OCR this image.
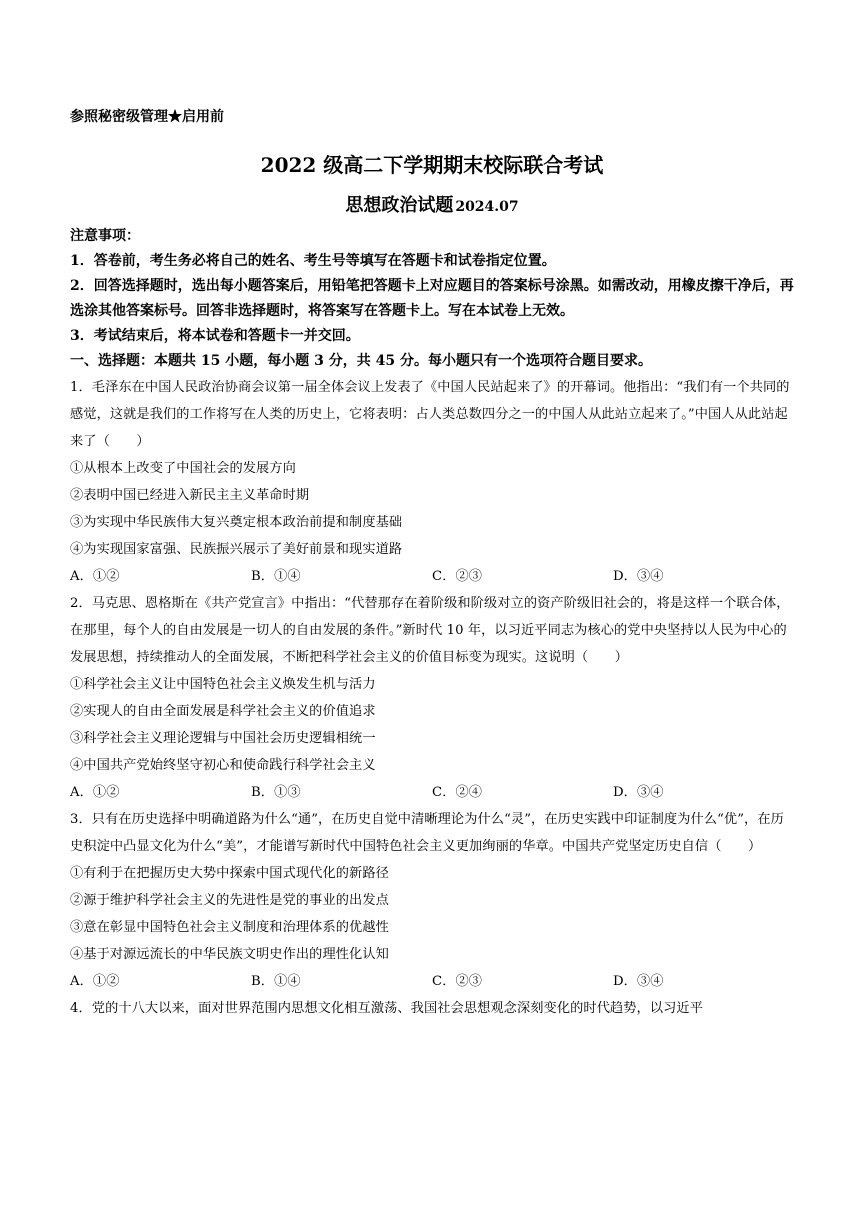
参照秘密级管理★启用前
2022 级高二下学期期末校际联合考试
思想政治试题 2024.07

注意事项：

1．答卷前，考生务必将自己的姓名、考生号等填写在答题卡和试卷指定位置。

2．回答选择题时，选出每小题答案后，用铅笔把答题卡上对应题目的答案标号涂黑。如需改动，用橡皮擦干净后，再选涂其他答案标号。回答非选择题时，将答案写在答题卡上。写在本试卷上无效。

3．考试结束后，将本试卷和答题卡一并交回。

一、选择题：本题共 15 小题，每小题 3 分，共 45 分。每小题只有一个选项符合题目要求。

1．毛泽东在中国人民政治协商会议第一届全体会议上发表了《中国人民站起来了》的开幕词。他指出：“我们有一个共同的感觉，这就是我们的工作将写在人类的历史上，它将表明：占人类总数四分之一的中国人从此站立起来了。”中国人从此站起来了（　　）

①从根本上改变了中国社会的发展方向

②表明中国已经进入新民主主义革命时期

③为实现中华民族伟大复兴奠定根本政治前提和制度基础

④为实现国家富强、民族振兴展示了美好前景和现实道路

A．①②	B．①④	C．②③	D．③④

2．马克思、恩格斯在《共产党宣言》中指出：“代替那存在着阶级和阶级对立的资产阶级旧社会的，将是这样一个联合体，在那里，每个人的自由发展是一切人的自由发展的条件。”新时代 10 年，以习近平同志为核心的党中央坚持以人民为中心的发展思想，持续推动人的全面发展，不断把科学社会主义的价值目标变为现实。这说明（　　）

①科学社会主义让中国特色社会主义焕发生机与活力

②实现人的自由全面发展是科学社会主义的价值追求

③科学社会主义理论逻辑与中国社会历史逻辑相统一

④中国共产党始终坚守初心和使命践行科学社会主义

A．①②	B．①③	C．②④	D．③④

3．只有在历史选择中明确道路为什么“通”，在历史自觉中清晰理论为什么“灵”，在历史实践中印证制度为什么“优”，在历史积淀中凸显文化为什么“美”，才能谱写新时代中国特色社会主义更加绚丽的华章。中国共产党坚定历史自信（　　）

①有利于在把握历史大势中探索中国式现代化的新路径

②源于维护科学社会主义的先进性是党的事业的出发点

③意在彰显中国特色社会主义制度和治理体系的优越性

④基于对源远流长的中华民族文明史作出的理性化认知

A．①②	B．①④	C．②③	D．③④

4．党的十八大以来，面对世界范围内思想文化相互激荡、我国社会思想观念深刻变化的时代趋势，以习近平
